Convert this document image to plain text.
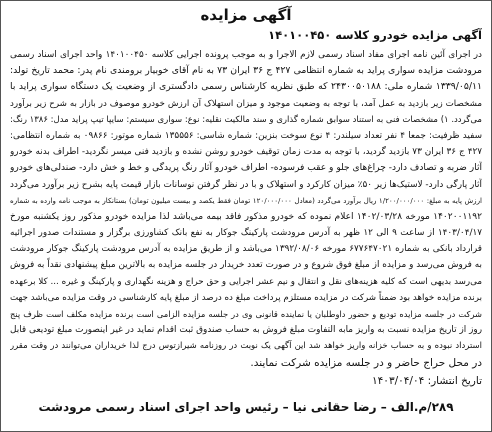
آگهی مزایده
آگهی مزایده خودرو کلاسه ۱۴۰۱۰۰۴۵۰
در اجرای آئین نامه اجرای مفاد اسناد رسمی لازم الاجرا و به موجب پرونده اجرایی کلاسه ۱۴۰۱۰۰۴۵۰ واحد اجرای اسناد رسمی
مرودشت مزایده سواری پراید به شماره انتظامی ۴۲۷ ج ۳۶ ایران ۷۳ به نام آقای خوبیار برومندی نام پدر: محمد تاریخ تولد:
۱۳۳۹/۰۵/۱۱ شماره ملی: ۲۴۳۰۰۵۰۱۸۸ که طبق نظریه کارشناس رسمی دادگستری از وضعیت یک دستگاه سواری پراید با
مشخصات زیر بازدید به عمل آمد، با توجه به وضعیت موجود و میزان استهلاک آن ارزش خودرو موصوف در بازار به شرح زیر برآورد
می‌گردد. ۱) مشخصات فنی به استناد سوابق شماره گذاری و سند مالکیت نقلیه: نوع: سواری سیستم: سایپا تیپ پراید مدل: ۱۳۸۶ رنگ:
سفید ظرفیت: جمعا ۴ نفر تعداد سیلندر: ۴ نوع سوخت بنزین: شماره شاسی: ۱۳۵۵۵۶ شماره موتور: ۰۹۸۶۶ به شماره انتظامی:
۴۲۷ ج ۳۶ ایران ۷۳ بازدید گردید، با توجه به مدت زمان توقیف خودرو روشن نشده و بازدید فنی میسر نگردید- اطراف بدنه خودرو
آثار ضربه و تصادف دارد- چراغ‌های جلو و عقب فرسوده- اطراف خودرو آثار رنگ پریدگی و خط و خش دارد- صندلی‌های خودرو
آثار پارگی دارد- لاستیک‌ها زیر ۵۰٪ میزان کارکرد و استهلاک و با در نظر گرفتن نوسانات بازار قیمت پایه بشرح زیر برآورد می‌گردد
ارزش پایه به مبلغ: ۱/۲۰۰/۰۰۰/۰۰۰ ریال برآورد می‌گردد (معادل ۱۲۰/۰۰۰/۰۰۰ تومان فقط یکصد و بیست میلیون تومان) بستانکار به موجب نامه وارده به شماره
۱۴۰۲۰۰۱۱۹۲ مورخه ۱۴۰۲/۰۳/۲۸ اعلام نموده که خودرو مذکور فاقد بیمه می‌باشد لذا مزایده خودرو مذکور روز یکشنبه مورخ
۱۴۰۳/۰۴/۱۷ از ساعت ۹ الی ۱۲ ظهر به آدرس مرودشت پارکینگ جوکار به نفع بانک کشاورزی برگزار و مستندات صدور اجرائیه
قرارداد بانکی به شماره ۶۷۷۶۴۷۰۲۱ مورخه ۱۳۹۲/۰۸/۰۶ می‌باشد و از طریق مزایده به آدرس مرودشت پارکینگ جوکار مرودشت
به فروش می‌رسد و مزایده از مبلغ فوق شروع و در صورت تعدد خریدار در جلسه مزایده به بالاترین مبلغ پیشنهادی نقداً به فروش
می‌رسد بدیهی است که کلیه هزینه‌های نقل و انتقال و نیم عشر اجرایی و حق حراج و هزینه نگهداری و پارکینگ و غیره ... کلا برعهده
برنده مزایده خواهد بود ضمناً شرکت در مزایده مستلزم پرداخت مبلغ ده درصد از مبلغ پایه کارشناسی در وقت مزایده می‌باشد جهت
شرکت در جلسه مزایده تودیع و حضور داوطلبان یا نماینده قانونی وی در جلسه مزایده الزامی است برنده مزایده مکلف است ظرف پنج
روز از تاریخ مزایده نسبت به واریز مابه التفاوت مبلغ فروش به حساب صندوق ثبت اقدام نماید در غیر اینصورت مبلغ تودیعی قابل
استرداد نبوده و به حساب خزانه واریز خواهد شد این آگهی یک نوبت در روزنامه شیرازتوس درج لذا خریداران می‌توانند در وقت مقرر
در محل حراج حاضر و در جلسه مزایده شرکت نمایند.
تاریخ انتشار: ۱۴۰۳/۰۴/۰۴
۲۸۹/م.الف – رضا حقانی نیا – رئیس واحد اجرای اسناد رسمی مرودشت
